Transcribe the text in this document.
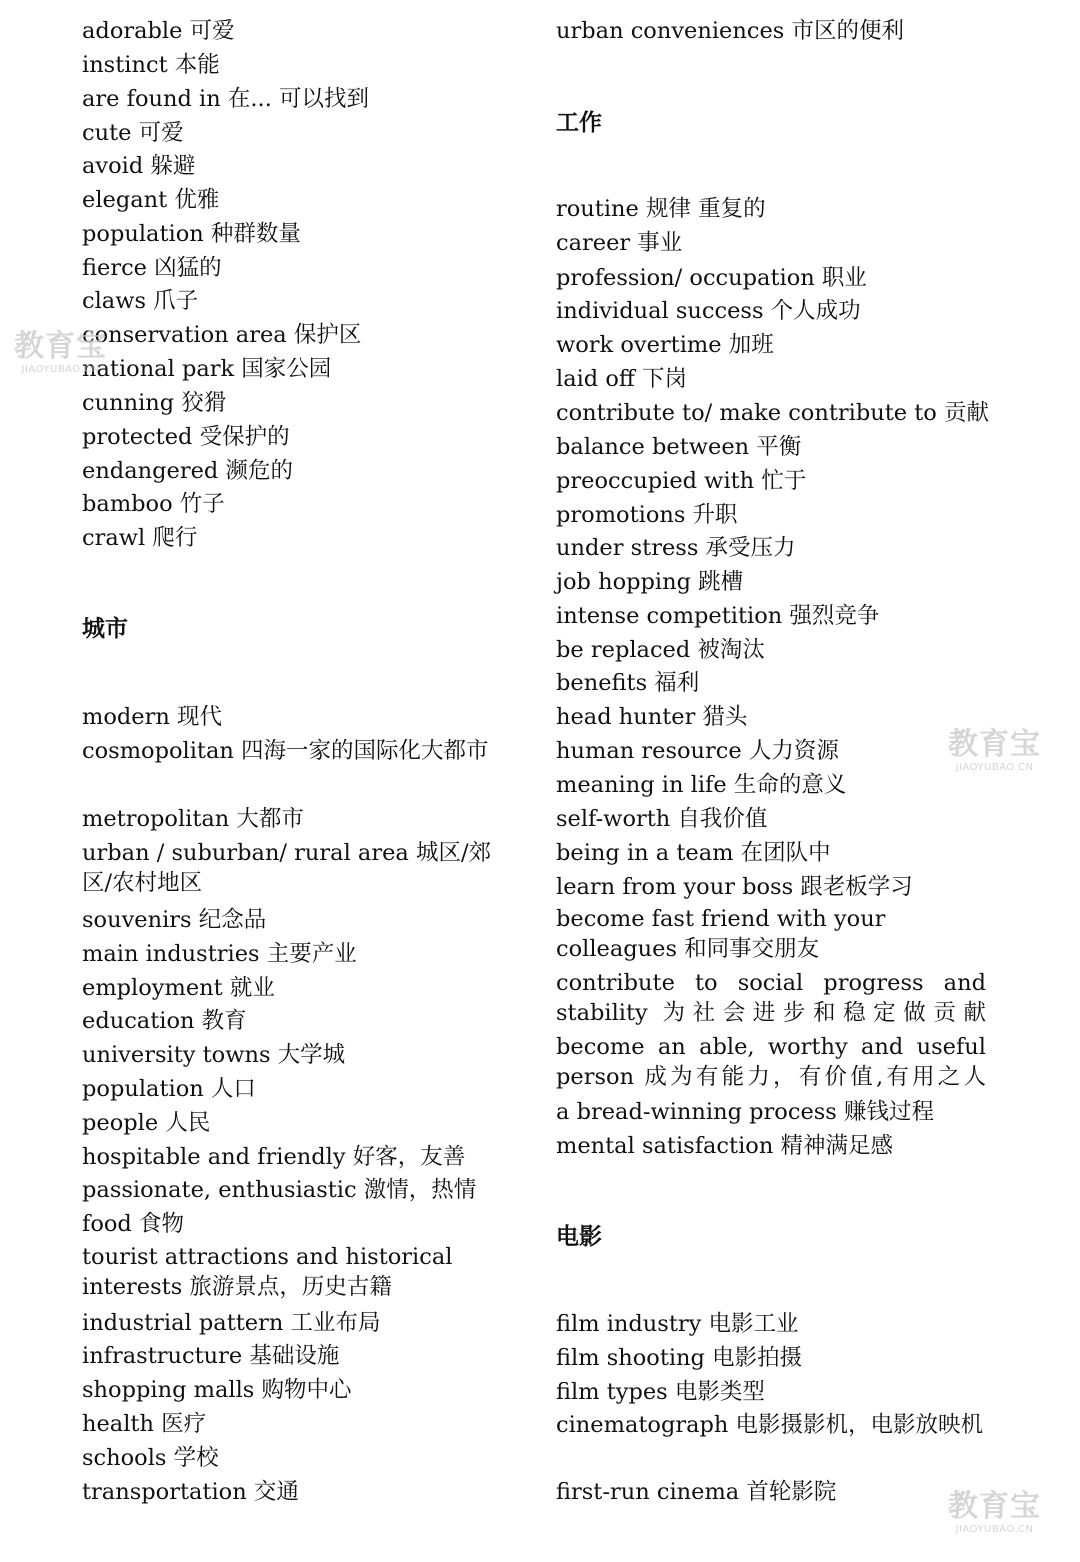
adorable 可爱
instinct 本能
are found in 在... 可以找到
cute 可爱
avoid 躲避
elegant 优雅
population 种群数量
fierce 凶猛的
claws 爪子
conservation area 保护区
national park 国家公园
cunning 狡猾
protected 受保护的
endangered 濒危的
bamboo 竹子
crawl 爬行
城市
modern 现代
cosmopolitan 四海一家的国际化大都市
metropolitan 大都市
urban / suburban/ rural area 城区/郊区/农村地区
souvenirs 纪念品
main industries 主要产业
employment 就业
education 教育
university towns 大学城
population 人口
people 人民
hospitable and friendly 好客，友善
passionate, enthusiastic 激情，热情
food 食物
tourist attractions and historical interests 旅游景点，历史古籍
industrial pattern 工业布局
infrastructure 基础设施
shopping malls 购物中心
health 医疗
schools 学校
transportation 交通
urban conveniences 市区的便利
工作
routine 规律 重复的
career 事业
profession/ occupation 职业
individual success 个人成功
work overtime 加班
laid off 下岗
contribute to/ make contribute to 贡献
balance between 平衡
preoccupied with 忙于
promotions 升职
under stress 承受压力
job hopping 跳槽
intense competition 强烈竞争
be replaced 被淘汰
benefits 福利
head hunter 猎头
human resource 人力资源
meaning in life 生命的意义
self-worth 自我价值
being in a team 在团队中
learn from your boss 跟老板学习
become fast friend with your colleagues 和同事交朋友
contribute to social progress and stability 为社会进步和稳定做贡献
become an able, worthy and useful person 成为有能力，有价值,有用之人
a bread-winning process 赚钱过程
mental satisfaction 精神满足感
电影
film industry 电影工业
film shooting 电影拍摄
film types 电影类型
cinematograph 电影摄影机，电影放映机
first-run cinema 首轮影院
教育宝
JIAOYUBAO.CN
教育宝
JIAOYUBAO.CN
教育宝
JIAOYUBAO.CN
